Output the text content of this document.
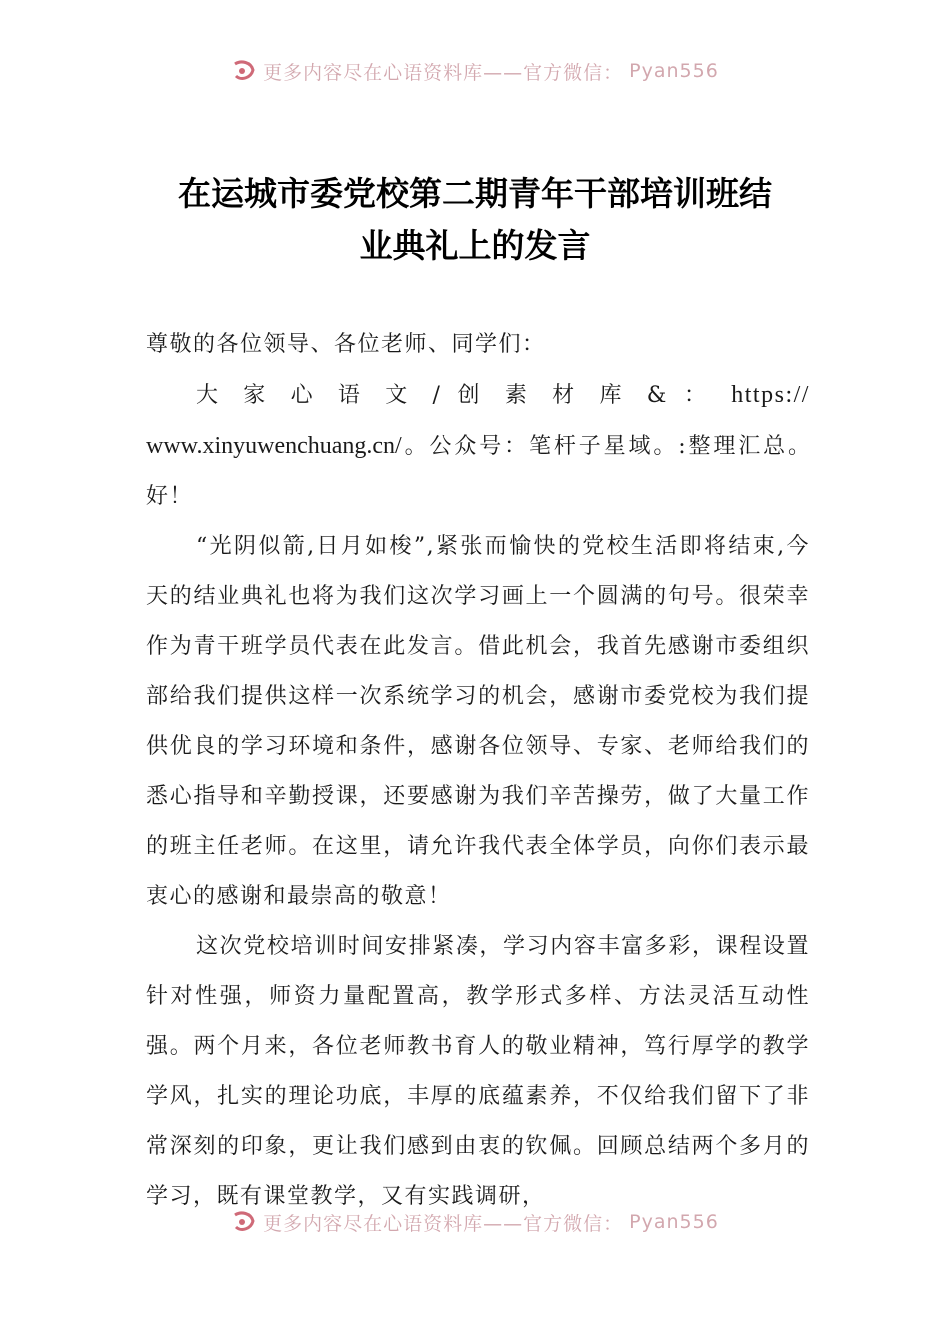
更多内容尽在心语资料库——官方微信： Pyan556
在运城市委党校第二期青年干部培训班结
业典礼上的发言

尊敬的各位领导、各位老师、同学们：

大 家 心 语 文 / 创 素 材 库 & ： https://

www.xinyuwenchuang.cn/。公众号：笔杆子星域。:整理汇总。

好！

“光阴似箭,日月如梭”,紧张而愉快的党校生活即将结束,今天的结业典礼也将为我们这次学习画上一个圆满的句号。很荣幸作为青干班学员代表在此发言。借此机会，我首先感谢市委组织部给我们提供这样一次系统学习的机会，感谢市委党校为我们提供优良的学习环境和条件，感谢各位领导、专家、老师给我们的悉心指导和辛勤授课，还要感谢为我们辛苦操劳，做了大量工作的班主任老师。在这里，请允许我代表全体学员，向你们表示最衷心的感谢和最崇高的敬意！

这次党校培训时间安排紧凑，学习内容丰富多彩，课程设置针对性强，师资力量配置高，教学形式多样、方法灵活互动性强。两个月来，各位老师教书育人的敬业精神，笃行厚学的教学学风，扎实的理论功底，丰厚的底蕴素养，不仅给我们留下了非常深刻的印象，更让我们感到由衷的钦佩。回顾总结两个多月的学习，既有课堂教学，又有实践调研，

更多内容尽在心语资料库——官方微信： Pyan556
